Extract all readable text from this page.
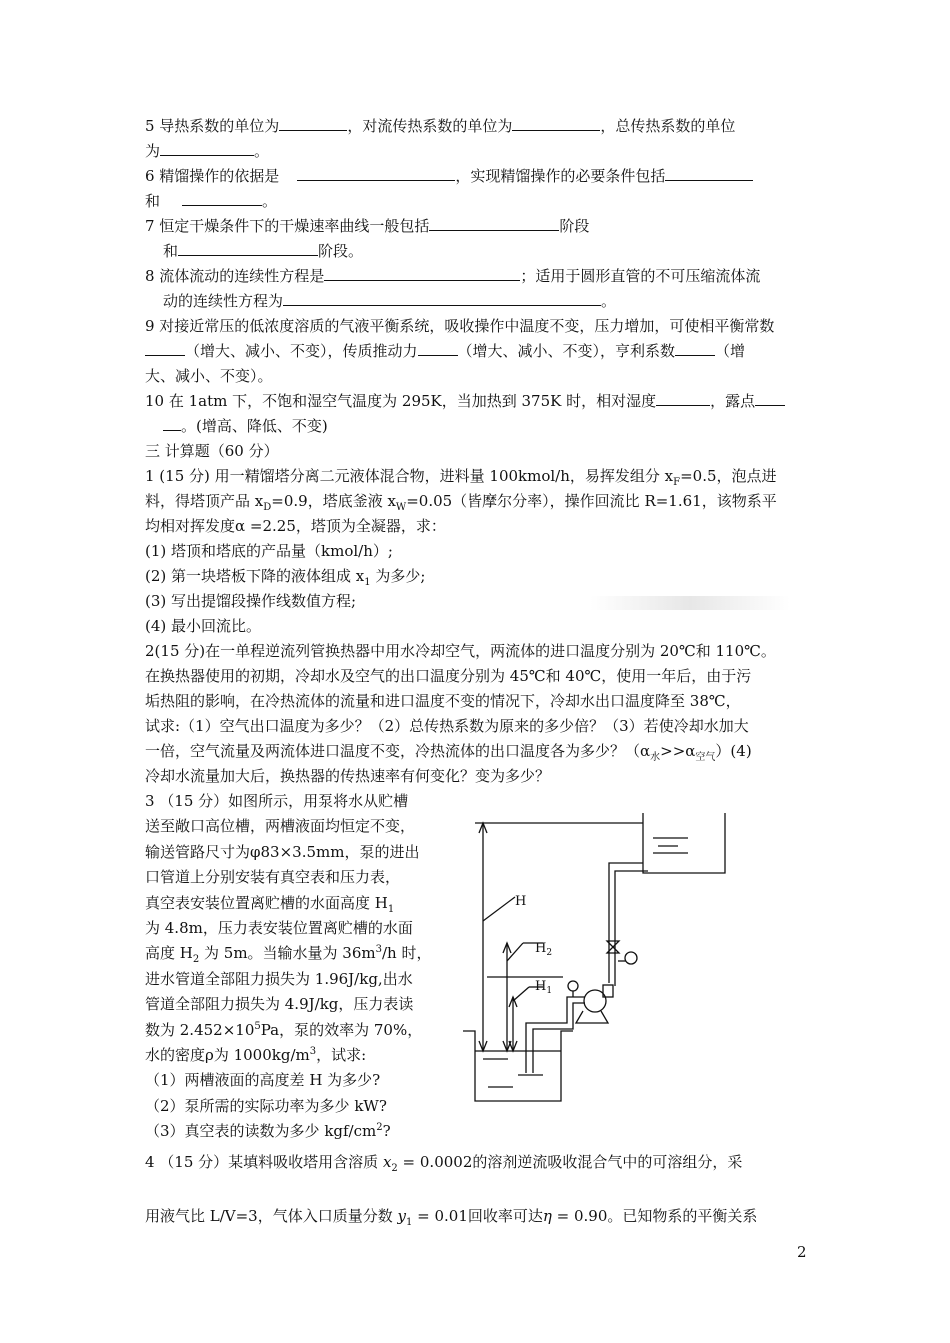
5 导热系数的单位为	，对流传热系数的单位为	，总传热系数的单位
为	。
6 精馏操作的依据是	，实现精馏操作的必要条件包括
和	。
7 恒定干燥条件下的干燥速率曲线一般包括	阶段
和	阶段。
8 流体流动的连续性方程是	；适用于圆形直管的不可压缩流体流
动的连续性方程为	。
9 对接近常压的低浓度溶质的气液平衡系统，吸收操作中温度不变，压力增加，可使相平衡常数
（增大、减小、不变），传质推动力	（增大、减小、不变），亨利系数	（增
大、减小、不变）。
10 在 1atm 下，不饱和湿空气温度为 295K，当加热到 375K 时，相对湿度	，露点
。(增高、降低、不变)
三 计算题（60 分）
1 (15 分) 用一精馏塔分离二元液体混合物，进料量 100kmol/h，易挥发组分 $x_F=0.5$，泡点进
料，得塔顶产品 $x_D=0.9$，塔底釜液 $x_W=0.05$（皆摩尔分率），操作回流比 R=1.61，该物系平
均相对挥发度α =2.25，塔顶为全凝器，求：
(1) 塔顶和塔底的产品量（kmol/h）;
(2) 第一块塔板下降的液体组成 $x_1$ 为多少;
(3) 写出提馏段操作线数值方程;
(4) 最小回流比。
2(15 分)在一单程逆流列管换热器中用水冷却空气，两流体的进口温度分别为 20℃和 110℃。
在换热器使用的初期，冷却水及空气的出口温度分别为 45℃和 40℃，使用一年后，由于污
垢热阻的影响，在冷热流体的流量和进口温度不变的情况下，冷却水出口温度降至 38℃，
试求:（1）空气出口温度为多少？（2）总传热系数为原来的多少倍？（3）若使冷却水加大
一倍，空气流量及两流体进口温度不变，冷热流体的出口温度各为多少？$(\alpha_水>>\alpha_{空气})(4)$
冷却水流量加大后，换热器的传热速率有何变化？变为多少？
3 （15 分）如图所示，用泵将水从贮槽
送至敞口高位槽，两槽液面均恒定不变，
输送管路尺寸为φ83×3.5mm，泵的进出
口管道上分别安装有真空表和压力表，
真空表安装位置离贮槽的水面高度 $H_1$
为 4.8m，压力表安装位置离贮槽的水面
高度 $H_2$ 为 5m。当输水量为 $36m^3/h$ 时，
进水管道全部阻力损失为 1.96J/kg,出水
管道全部阻力损失为 4.9J/kg，压力表读
数为 $2.452\times 10^5Pa$，泵的效率为 70%，
水的密度ρ为 $1000kg/m^3$，试求:
（1）两槽液面的高度差 H 为多少?
（2）泵所需的实际功率为多少 kW?
（3）真空表的读数为多少 kgf/$cm^2$?
H
$H_2$
$H_1$
4 （15 分）某填料吸收塔用含溶质 $x_2 = 0.0002$的溶剂逆流吸收混合气中的可溶组分，采
用液气比 L/V=3，气体入口质量分数 $y_1 = 0.01$回收率可达η = 0.90。已知物系的平衡关系
2
